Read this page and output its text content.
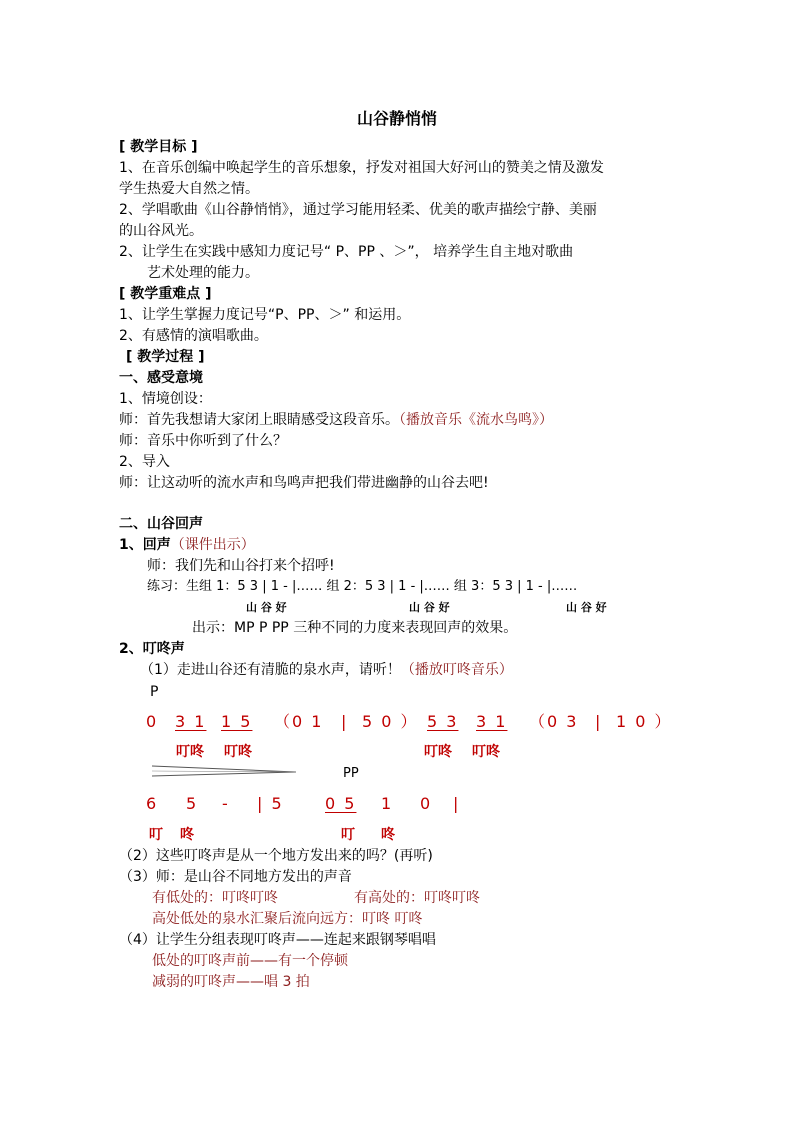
山谷静悄悄
[ 教学目标 ]
1、在音乐创编中唤起学生的音乐想象，抒发对祖国大好河山的赞美之情及激发
学生热爱大自然之情。
2、学唱歌曲《山谷静悄悄》，通过学习能用轻柔、优美的歌声描绘宁静、美丽
的山谷风光。
2、让学生在实践中感知力度记号“ P、PP 、＞”， 培养学生自主地对歌曲
艺术处理的能力。
[ 教学重难点 ]
1、让学生掌握力度记号“P、PP、＞” 和运用。
2、有感情的演唱歌曲。
[ 教学过程 ]
一、感受意境
1、情境创设：
师：首先我想请大家闭上眼睛感受这段音乐。（播放音乐《流水鸟鸣》）
师：音乐中你听到了什么？
2、导入
师：让这动听的流水声和鸟鸣声把我们带进幽静的山谷去吧!
二、山谷回声
1、回声（课件出示）
师：我们先和山谷打来个招呼!
练习：生组 1：5 3 | 1 - |…… 组 2：5 3 | 1 - |…… 组 3：5 3 | 1 - |……
山 谷 好	山 谷 好	山 谷 好
出示：MP P PP 三种不同的力度来表现回声的效果。
2、叮咚声
（1）走进山谷还有清脆的泉水声，请听！（播放叮咚音乐）
P
0 3 1 1 5 （0 1 | 5 0 ） 5 3 3 1 （0 3 | 1 0 ）
叮咚 叮咚	叮咚 叮咚
PP
6 5 - | 5	0 5 1 0 |
叮 咚	叮 咚
（2）这些叮咚声是从一个地方发出来的吗？(再听)
（3）师：是山谷不同地方发出的声音
有低处的：叮咚叮咚	有高处的：叮咚叮咚
高处低处的泉水汇聚后流向远方：叮咚 叮咚
（4）让学生分组表现叮咚声——连起来跟钢琴唱唱
低处的叮咚声前——有一个停顿
减弱的叮咚声——唱 3 拍
